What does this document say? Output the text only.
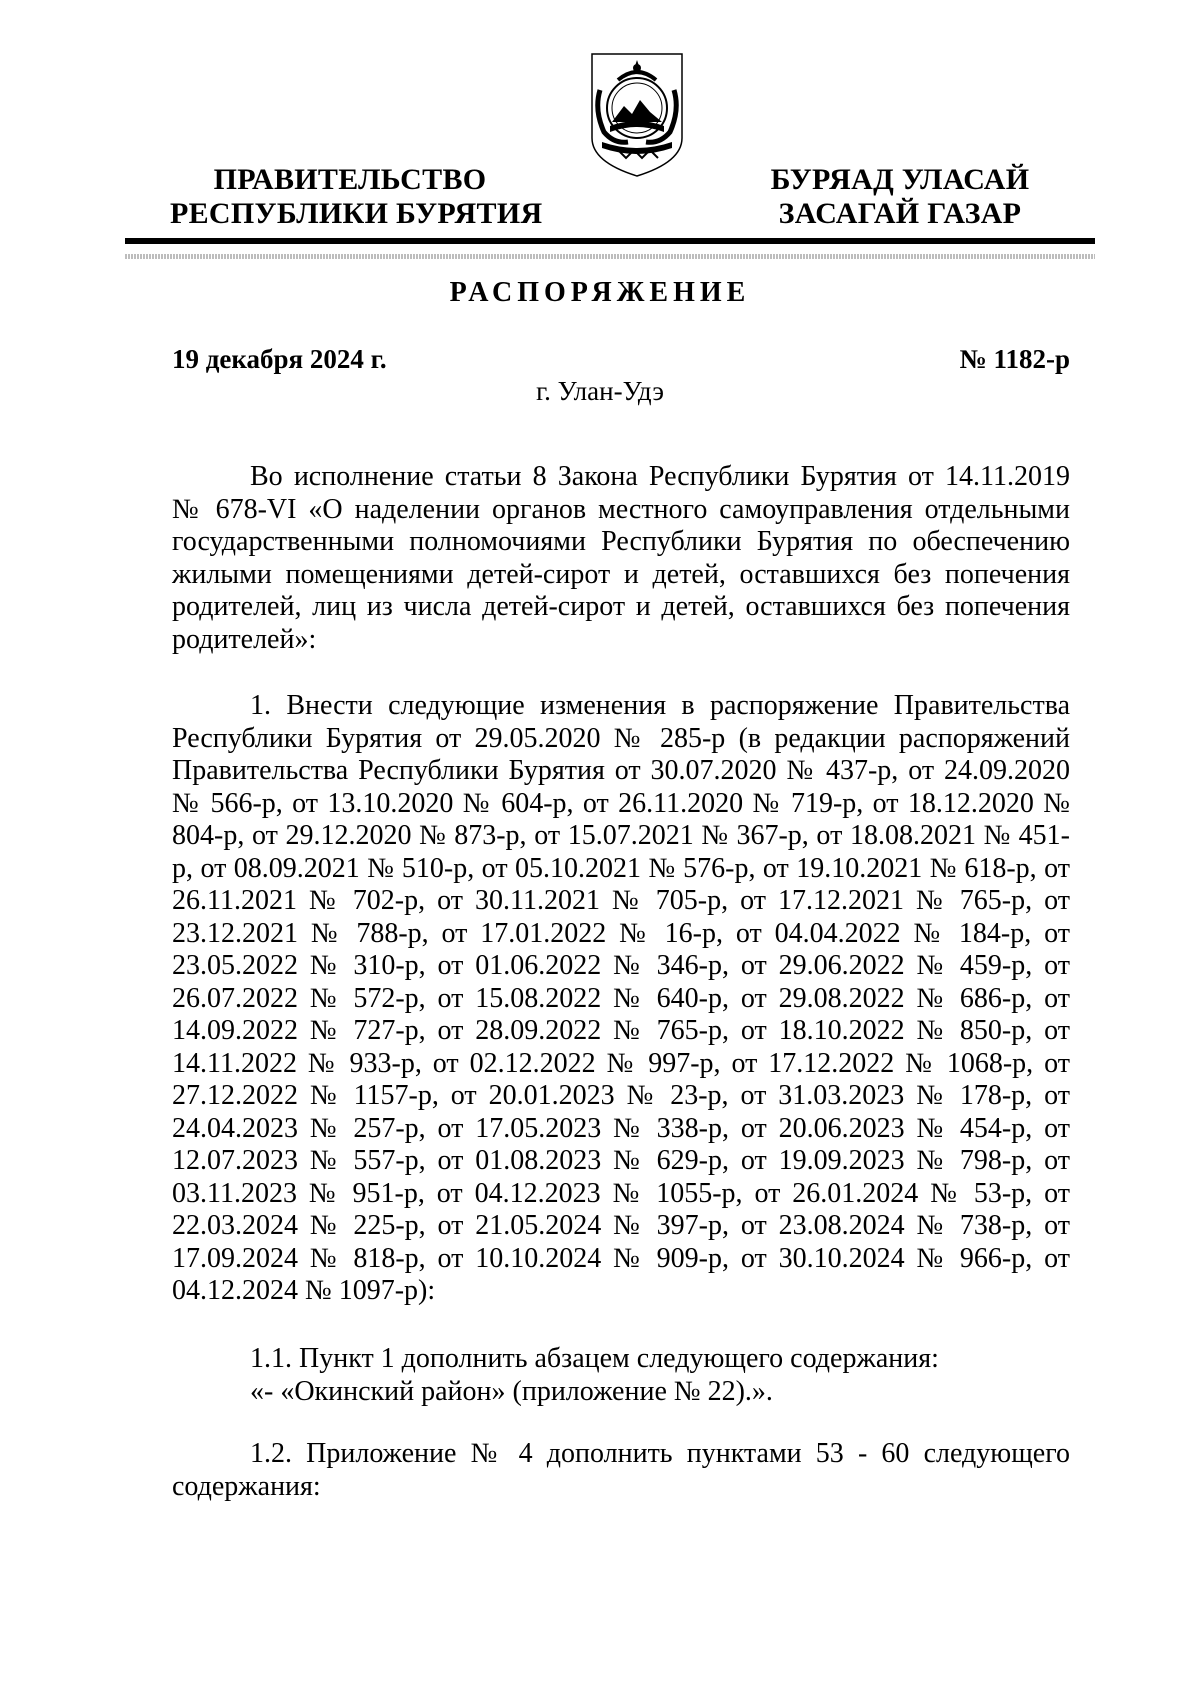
ПРАВИТЕЛЬСТВО
РЕСПУБЛИКИ БУРЯТИЯ
БУРЯАД УЛАСАЙ
ЗАСАГАЙ ГАЗАР
РАСПОРЯЖЕНИЕ
19 декабря 2024 г.	№ 1182-р
г. Улан-Удэ

Во исполнение статьи 8 Закона Республики Бурятия от 14.11.2019 № 678-VI «О наделении органов местного самоуправления отдельными государственными полномочиями Республики Бурятия по обеспечению жилыми помещениями детей-сирот и детей, оставшихся без попечения родителей, лиц из числа детей-сирот и детей, оставшихся без попечения родителей»:

1. Внести следующие изменения в распоряжение Правительства Республики Бурятия от 29.05.2020 № 285-р (в редакции распоряжений Правительства Республики Бурятия от 30.07.2020 № 437-р, от 24.09.2020 № 566-р, от 13.10.2020 № 604-р, от 26.11.2020 № 719-р, от 18.12.2020 № 804-р, от 29.12.2020 № 873-р, от 15.07.2021 № 367-р, от 18.08.2021 № 451-р, от 08.09.2021 № 510-р, от 05.10.2021 № 576-р, от 19.10.2021 № 618-р, от 26.11.2021 № 702-р, от 30.11.2021 № 705-р, от 17.12.2021 № 765-р, от 23.12.2021 № 788-р, от 17.01.2022 № 16-р, от 04.04.2022 № 184-р, от 23.05.2022 № 310-р, от 01.06.2022 № 346-р, от 29.06.2022 № 459-р, от 26.07.2022 № 572-р, от 15.08.2022 № 640-р, от 29.08.2022 № 686-р, от 14.09.2022 № 727-р, от 28.09.2022 № 765-р, от 18.10.2022 № 850-р, от 14.11.2022 № 933-р, от 02.12.2022 № 997-р, от 17.12.2022 № 1068-р, от 27.12.2022 № 1157-р, от 20.01.2023 № 23-р, от 31.03.2023 № 178-р, от 24.04.2023 № 257-р, от 17.05.2023 № 338-р, от 20.06.2023 № 454-р, от 12.07.2023 № 557-р, от 01.08.2023 № 629-р, от 19.09.2023 № 798-р, от 03.11.2023 № 951-р, от 04.12.2023 № 1055-р, от 26.01.2024 № 53-р, от 22.03.2024 № 225-р, от 21.05.2024 № 397-р, от 23.08.2024 № 738-р, от 17.09.2024 № 818-р, от 10.10.2024 № 909-р, от 30.10.2024 № 966-р, от 04.12.2024 № 1097-р):

1.1. Пункт 1 дополнить абзацем следующего содержания:
«- «Окинский район» (приложение № 22).».

1.2. Приложение № 4 дополнить пунктами 53 - 60 следующего содержания:
